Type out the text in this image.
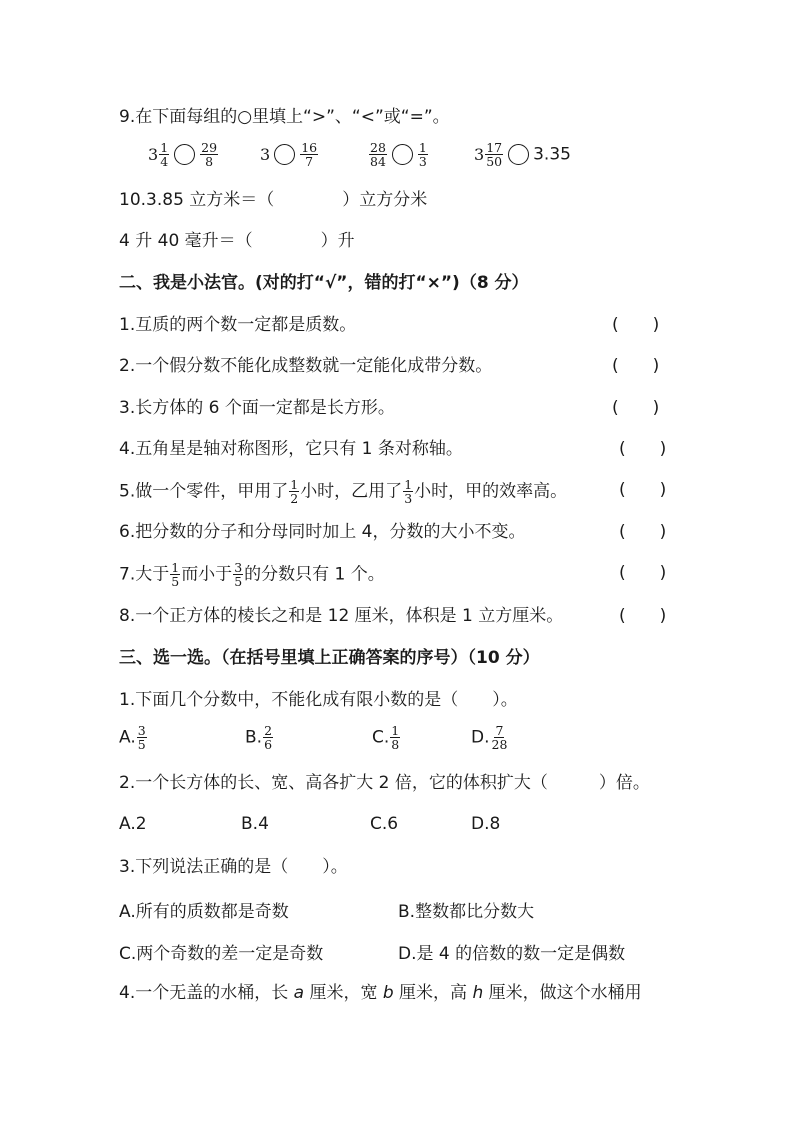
9.在下面每组的○里填上“>”、“<”或“=”。
$3 \frac{1}{4} \frac{29}{8}$	$3 \frac{16}{7}$	$\frac{28}{84} \frac{1}{3}$	$3 \frac{17}{50} 3.35$
10.3.85 立方米＝（　　　　）立方分米
4 升 40 毫升＝（　　　　）升
二、我是小法官。(对的打“√”，错的打“×”)（8 分）
1.互质的两个数一定都是质数。	(　　)
2.一个假分数不能化成整数就一定能化成带分数。	(　　)
3.长方体的 6 个面一定都是长方形。	(　　)
4.五角星是轴对称图形，它只有 1 条对称轴。	(　　)
5.做一个零件，甲用了 $\frac{1}{2}$ 小时，乙用了 $\frac{1}{3}$ 小时，甲的效率高。	(　　)
6.把分数的分子和分母同时加上 4，分数的大小不变。	(　　)
7.大于 $\frac{1}{5}$ 而小于 $\frac{3}{5}$ 的分数只有 1 个。	(　　)
8.一个正方体的棱长之和是 12 厘米，体积是 1 立方厘米。	(　　)
三、选一选。（在括号里填上正确答案的序号）（10 分）
1.下面几个分数中，不能化成有限小数的是（　　）。
A. $\frac{3}{5}$	B. $\frac{2}{6}$	C. $\frac{1}{8}$	D. $\frac{7}{28}$
2.一个长方体的长、宽、高各扩大 2 倍，它的体积扩大（　　　）倍。
A.2	B.4	C.6	D.8
3.下列说法正确的是（　　）。
A.所有的质数都是奇数	B.整数都比分数大
C.两个奇数的差一定是奇数	D.是 4 的倍数的数一定是偶数
4.一个无盖的水桶，长 a 厘米，宽 b 厘米，高 h 厘米，做这个水桶用
